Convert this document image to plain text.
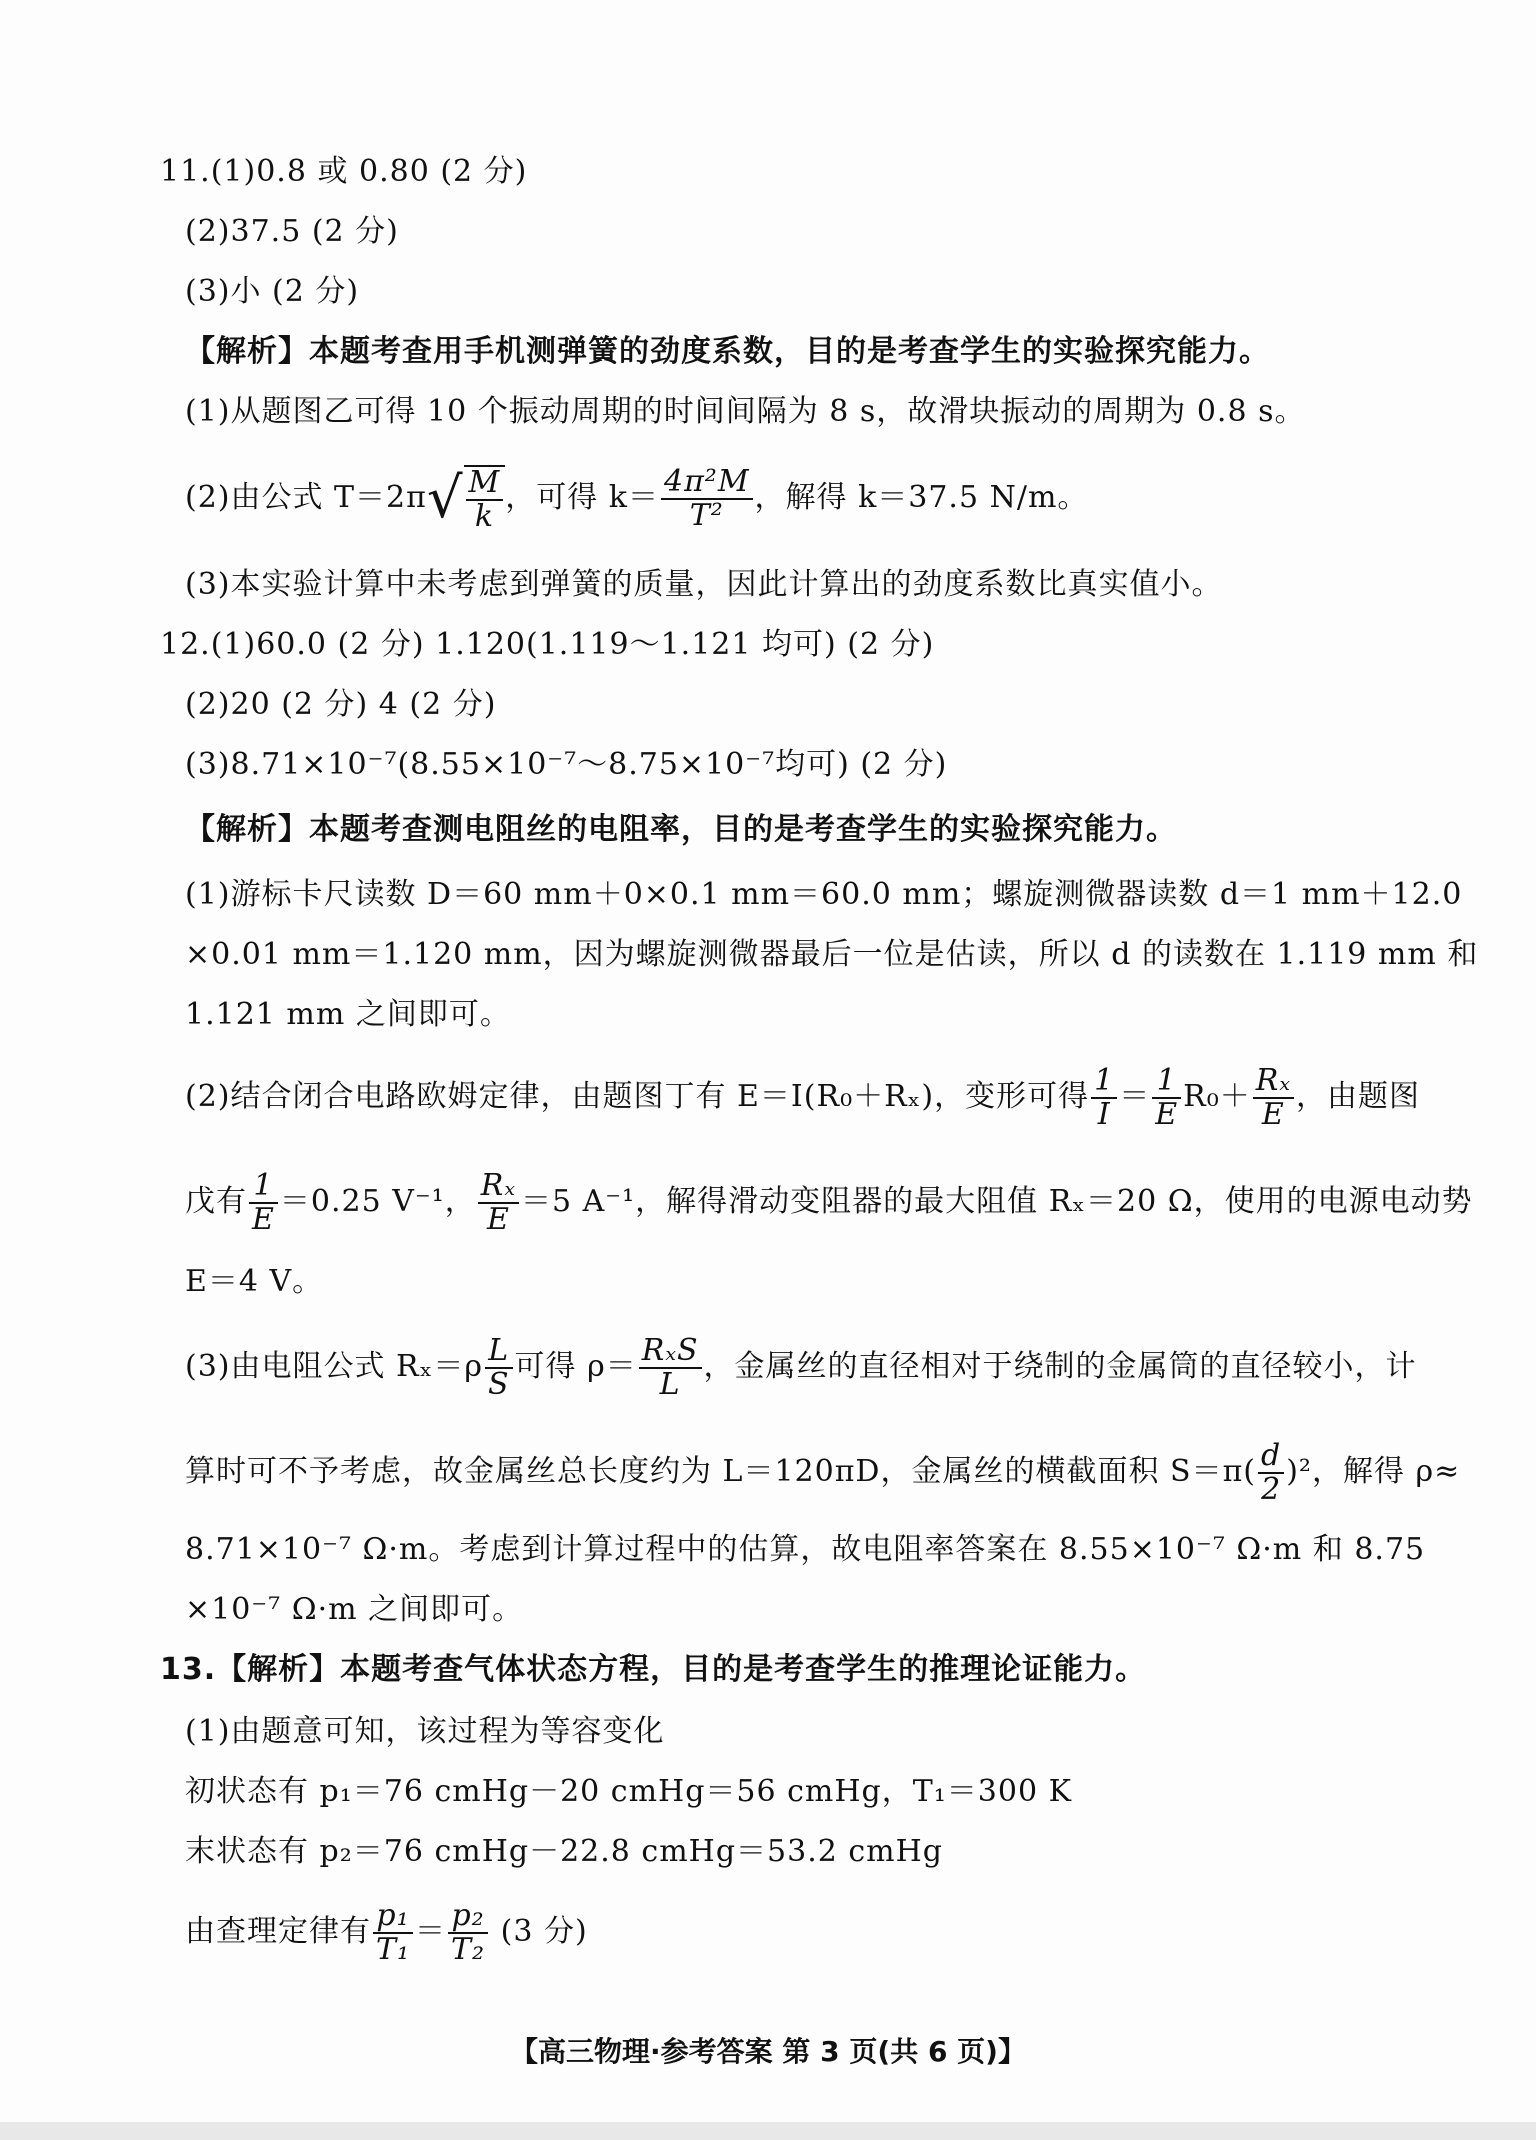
11.(1)0.8 或 0.80 (2 分)
(2)37.5 (2 分)
(3)小 (2 分)
【解析】本题考查用手机测弹簧的劲度系数，目的是考查学生的实验探究能力。
(1)从题图乙可得 10 个振动周期的时间间隔为 8 s，故滑块振动的周期为 0.8 s。
(2)由公式 $T=2\pi√ \frac{M}{k}$ ，可得 $k= \frac{\text{4π²M}}{\text{T²}}$ ，解得 k＝37.5 N/m。
(3)本实验计算中未考虑到弹簧的质量，因此计算出的劲度系数比真实值小。
12.(1)60.0 (2 分) 1.120(1.119～1.121 均可) (2 分)
(2)20 (2 分) 4 (2 分)
(3)8.71×10⁻⁷(8.55×10⁻⁷～8.75×10⁻⁷均可) (2 分)
【解析】本题考查测电阻丝的电阻率，目的是考查学生的实验探究能力。
(1)游标卡尺读数 D＝60 mm＋0×0.1 mm＝60.0 mm；螺旋测微器读数 d＝1 mm＋12.0
×0.01 mm＝1.120 mm，因为螺旋测微器最后一位是估读，所以 d 的读数在 1.119 mm 和
1.121 mm 之间即可。
(2)结合闭合电路欧姆定律，由题图丁有 E＝I(R₀＋Rₓ)，变形可得 $\frac{1}{I} = \frac{1}{E} R_0+ \frac{\text{Rₓ}}{E}$ ，由题图
戊有 $\frac{1}{E} =0.25$ V⁻¹， $\frac{\text{Rₓ}}{E} =5$ A⁻¹，解得滑动变阻器的最大阻值 Rₓ＝20 Ω，使用的电源电动势
E＝4 V。
(3)由电阻公式 $R_x=\rho \frac{L}{S}$ 可得 $\rho= \frac{\text{RₓS}}{L}$ ，金属丝的直径相对于绕制的金属筒的直径较小，计
算时可不予考虑，故金属丝总长度约为 L＝120πD，金属丝的横截面积 $S=\pi( \frac{d}{2} )^2$，解得 ρ≈
8.71×10⁻⁷ Ω·m。考虑到计算过程中的估算，故电阻率答案在 8.55×10⁻⁷ Ω·m 和 8.75
×10⁻⁷ Ω·m 之间即可。
13.【解析】本题考查气体状态方程，目的是考查学生的推理论证能力。
(1)由题意可知，该过程为等容变化
初状态有 p₁＝76 cmHg－20 cmHg＝56 cmHg，T₁＝300 K
末状态有 p₂＝76 cmHg－22.8 cmHg＝53.2 cmHg
由查理定律有 $\frac{\text{p₁}}{\text{T₁}} = \frac{\text{p₂}}{\text{T₂}} (3$ 分)
【高三物理·参考答案 第 3 页(共 6 页)】
